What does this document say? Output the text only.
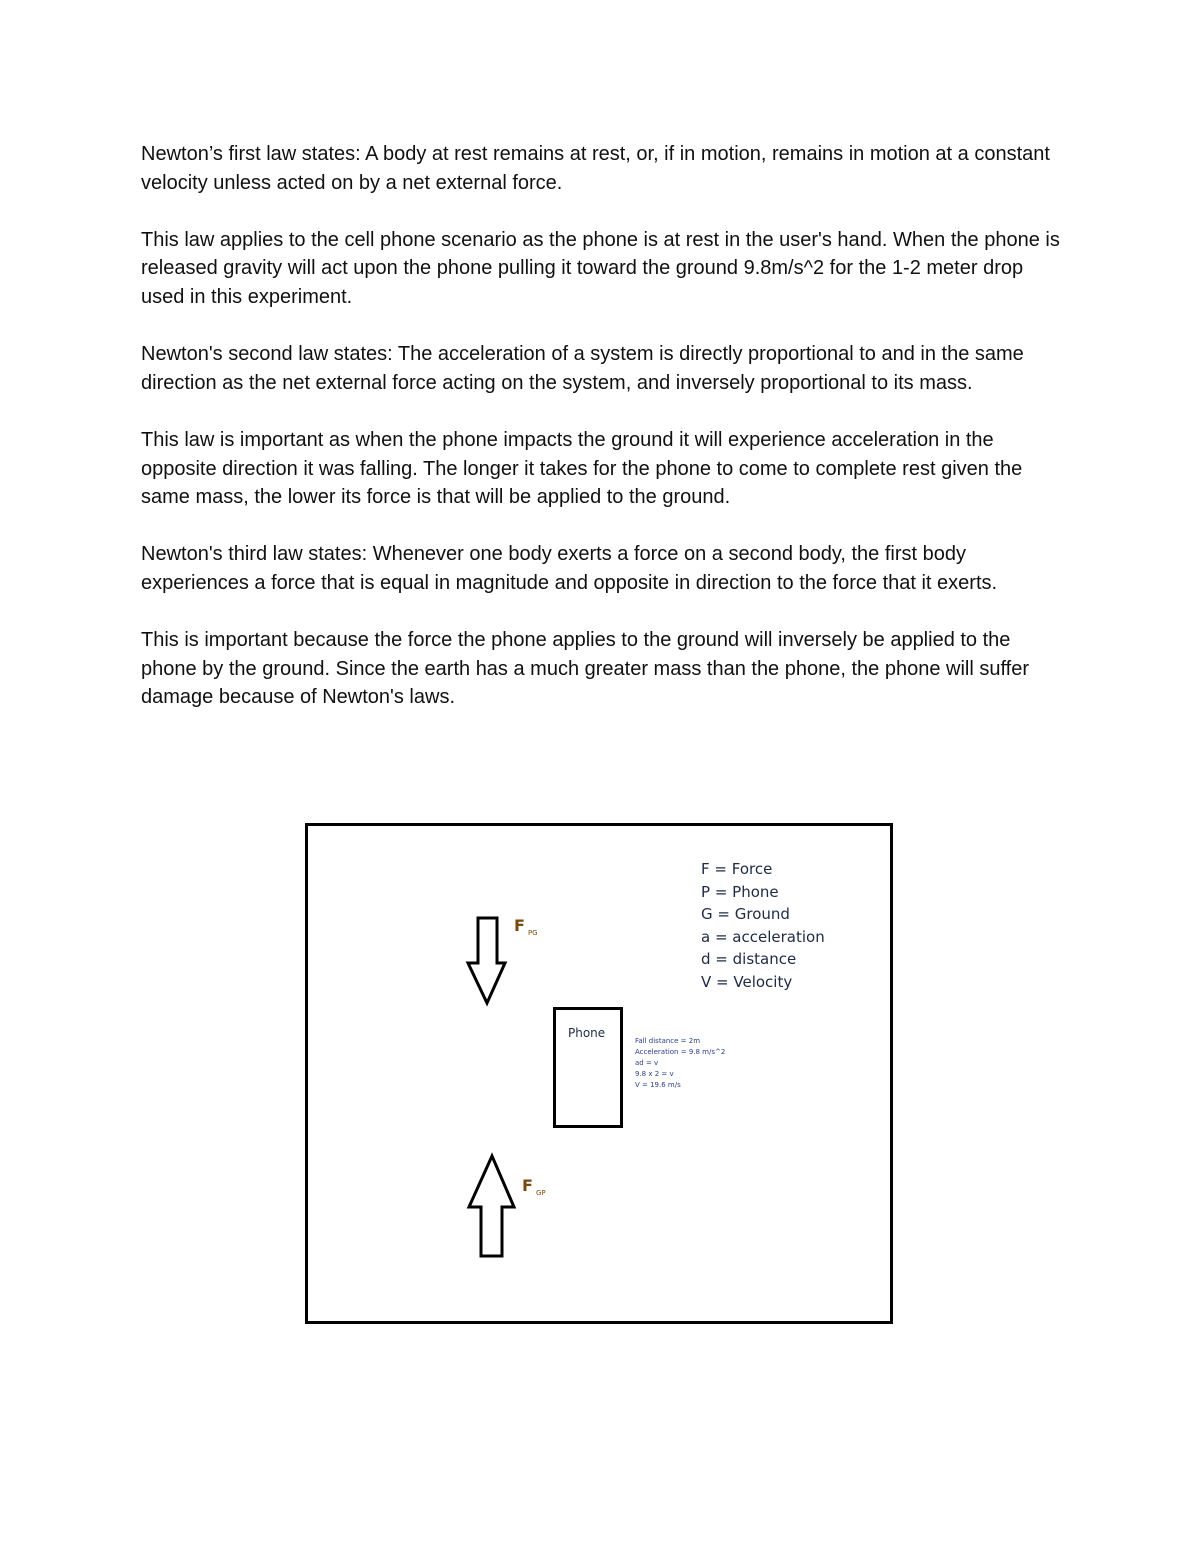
Newton’s first law states: A body at rest remains at rest, or, if in motion, remains in motion at a constant velocity unless acted on by a net external force.

This law applies to the cell phone scenario as the phone is at rest in the user's hand. When the phone is released gravity will act upon the phone pulling it toward the ground 9.8m/s^2 for the 1-2 meter drop used in this experiment.

Newton's second law states: The acceleration of a system is directly proportional to and in the same direction as the net external force acting on the system, and inversely proportional to its mass.

This law is important as when the phone impacts the ground it will experience acceleration in the opposite direction it was falling. The longer it takes for the phone to come to complete rest given the same mass, the lower its force is that will be applied to the ground.

Newton's third law states: Whenever one body exerts a force on a second body, the first body experiences a force that is equal in magnitude and opposite in direction to the force that it exerts.

This is important because the force the phone applies to the ground will inversely be applied to the phone by the ground. Since the earth has a much greater mass than the phone, the phone will suffer damage because of Newton's laws.

F $_{PG}$
F $_{GP}$
F = Force
P = Phone
G = Ground
a = acceleration
d = distance
V = Velocity
Phone
Fall distance = 2m
Acceleration = 9.8 m/s^2
ad = v
9.8 x 2 = v
V = 19.6 m/s
